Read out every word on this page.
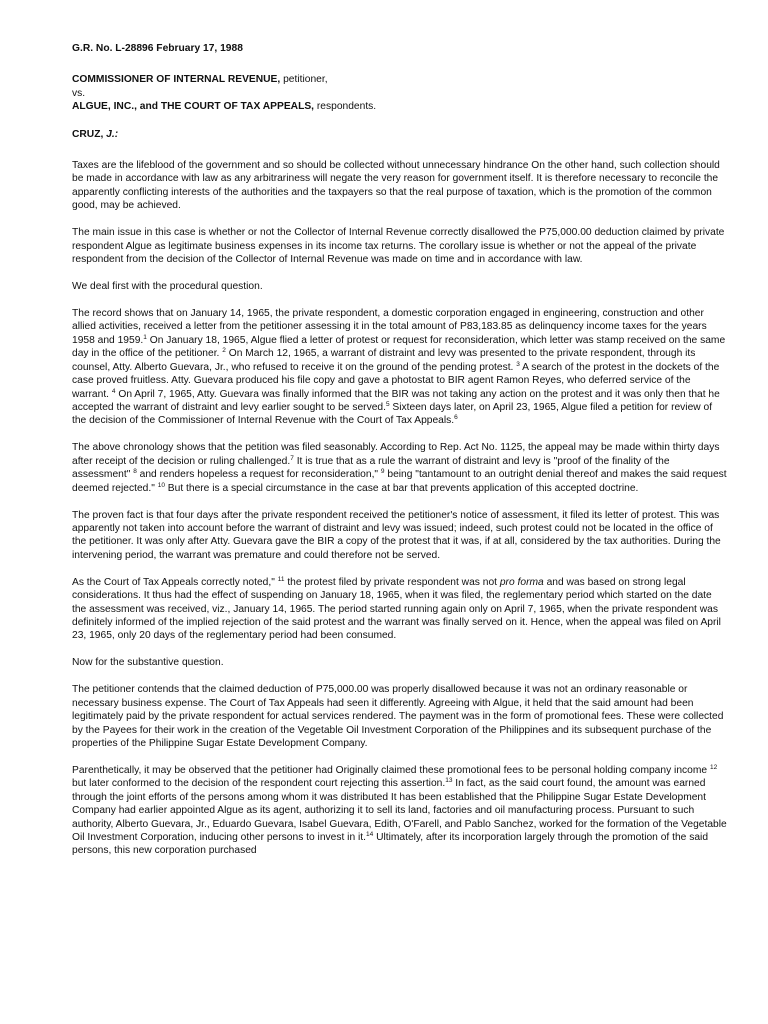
G.R. No. L-28896 February 17, 1988
COMMISSIONER OF INTERNAL REVENUE, petitioner,
vs.
ALGUE, INC., and THE COURT OF TAX APPEALS, respondents.
CRUZ, J.:

Taxes are the lifeblood of the government and so should be collected without unnecessary hindrance On the other hand, such collection should be made in accordance with law as any arbitrariness will negate the very reason for government itself. It is therefore necessary to reconcile the apparently conflicting interests of the authorities and the taxpayers so that the real purpose of taxation, which is the promotion of the common good, may be achieved.

The main issue in this case is whether or not the Collector of Internal Revenue correctly disallowed the P75,000.00 deduction claimed by private respondent Algue as legitimate business expenses in its income tax returns. The corollary issue is whether or not the appeal of the private respondent from the decision of the Collector of Internal Revenue was made on time and in accordance with law.

We deal first with the procedural question.

The record shows that on January 14, 1965, the private respondent, a domestic corporation engaged in engineering, construction and other allied activities, received a letter from the petitioner assessing it in the total amount of P83,183.85 as delinquency income taxes for the years 1958 and 1959.$^1$ On January 18, 1965, Algue flied a letter of protest or request for reconsideration, which letter was stamp received on the same day in the office of the petitioner. $^2$ On March 12, 1965, a warrant of distraint and levy was presented to the private respondent, through its counsel, Atty. Alberto Guevara, Jr., who refused to receive it on the ground of the pending protest. $^3$ A search of the protest in the dockets of the case proved fruitless. Atty. Guevara produced his file copy and gave a photostat to BIR agent Ramon Reyes, who deferred service of the warrant. $^4$ On April 7, 1965, Atty. Guevara was finally informed that the BIR was not taking any action on the protest and it was only then that he accepted the warrant of distraint and levy earlier sought to be served.$^5$ Sixteen days later, on April 23, 1965, Algue filed a petition for review of the decision of the Commissioner of Internal Revenue with the Court of Tax Appeals.$^6$

The above chronology shows that the petition was filed seasonably. According to Rep. Act No. 1125, the appeal may be made within thirty days after receipt of the decision or ruling challenged.$^7$ It is true that as a rule the warrant of distraint and levy is "proof of the finality of the assessment" $^8$ and renders hopeless a request for reconsideration," $^9$ being "tantamount to an outright denial thereof and makes the said request deemed rejected." $^{10}$ But there is a special circumstance in the case at bar that prevents application of this accepted doctrine.

The proven fact is that four days after the private respondent received the petitioner's notice of assessment, it filed its letter of protest. This was apparently not taken into account before the warrant of distraint and levy was issued; indeed, such protest could not be located in the office of the petitioner. It was only after Atty. Guevara gave the BIR a copy of the protest that it was, if at all, considered by the tax authorities. During the intervening period, the warrant was premature and could therefore not be served.

As the Court of Tax Appeals correctly noted," $^{11}$ the protest filed by private respondent was not pro forma and was based on strong legal considerations. It thus had the effect of suspending on January 18, 1965, when it was filed, the reglementary period which started on the date the assessment was received, viz., January 14, 1965. The period started running again only on April 7, 1965, when the private respondent was definitely informed of the implied rejection of the said protest and the warrant was finally served on it. Hence, when the appeal was filed on April 23, 1965, only 20 days of the reglementary period had been consumed.

Now for the substantive question.

The petitioner contends that the claimed deduction of P75,000.00 was properly disallowed because it was not an ordinary reasonable or necessary business expense. The Court of Tax Appeals had seen it differently. Agreeing with Algue, it held that the said amount had been legitimately paid by the private respondent for actual services rendered. The payment was in the form of promotional fees. These were collected by the Payees for their work in the creation of the Vegetable Oil Investment Corporation of the Philippines and its subsequent purchase of the properties of the Philippine Sugar Estate Development Company.

Parenthetically, it may be observed that the petitioner had Originally claimed these promotional fees to be personal holding company income $^{12}$ but later conformed to the decision of the respondent court rejecting this assertion.$^{13}$ In fact, as the said court found, the amount was earned through the joint efforts of the persons among whom it was distributed It has been established that the Philippine Sugar Estate Development Company had earlier appointed Algue as its agent, authorizing it to sell its land, factories and oil manufacturing process. Pursuant to such authority, Alberto Guevara, Jr., Eduardo Guevara, Isabel Guevara, Edith, O'Farell, and Pablo Sanchez, worked for the formation of the Vegetable Oil Investment Corporation, inducing other persons to invest in it.$^{14}$ Ultimately, after its incorporation largely through the promotion of the said persons, this new corporation purchased
